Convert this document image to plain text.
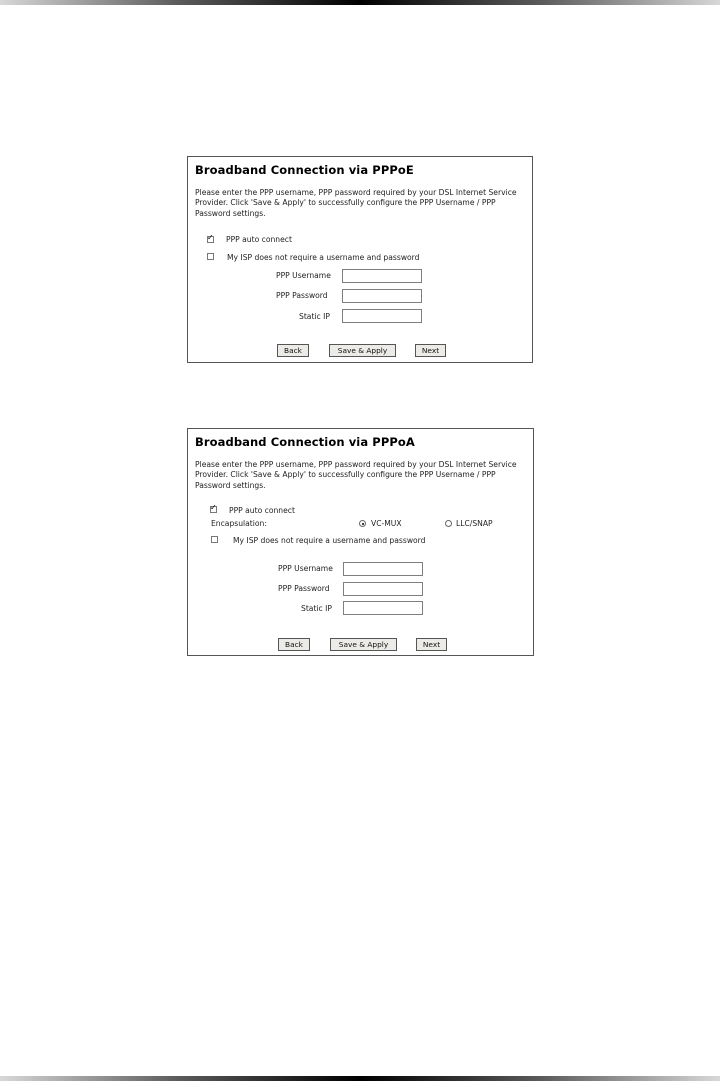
Broadband Connection via PPPoE
Please enter the PPP username, PPP password required by your DSL Internet Service Provider. Click 'Save & Apply' to successfully configure the PPP Username / PPP Password settings.
✓
PPP auto connect
My ISP does not require a username and password
PPP Username
PPP Password
Static IP
Back	Save & Apply	Next
Broadband Connection via PPPoA
Please enter the PPP username, PPP password required by your DSL Internet Service Provider. Click 'Save & Apply' to successfully configure the PPP Username / PPP Password settings.
✓
PPP auto connect
Encapsulation:	VC-MUX	LLC/SNAP
My ISP does not require a username and password
PPP Username
PPP Password
Static IP
Back	Save & Apply	Next
